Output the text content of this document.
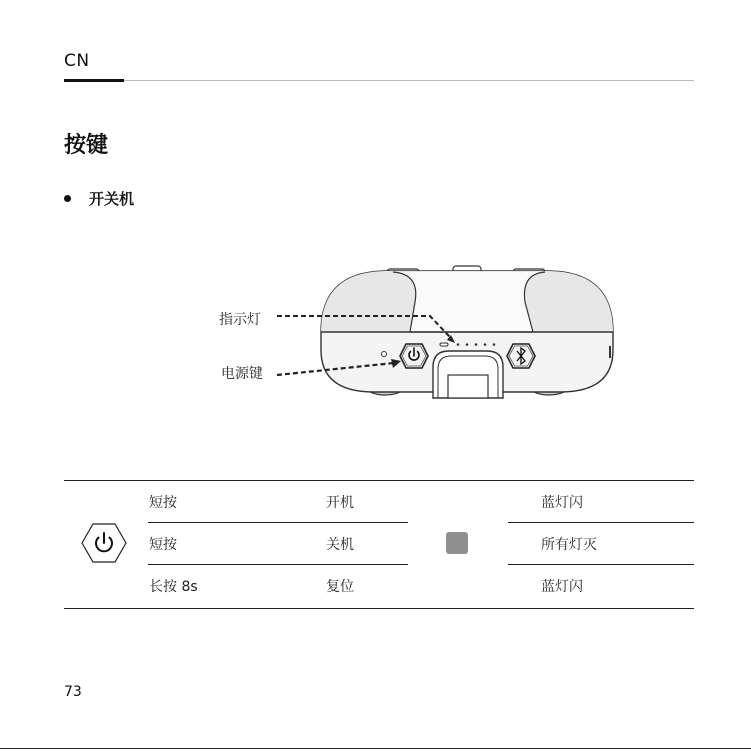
CN
按键
开关机
指示灯
电源键
短按	开机	蓝灯闪
短按	关机	所有灯灭
长按 8s	复位	蓝灯闪
73
